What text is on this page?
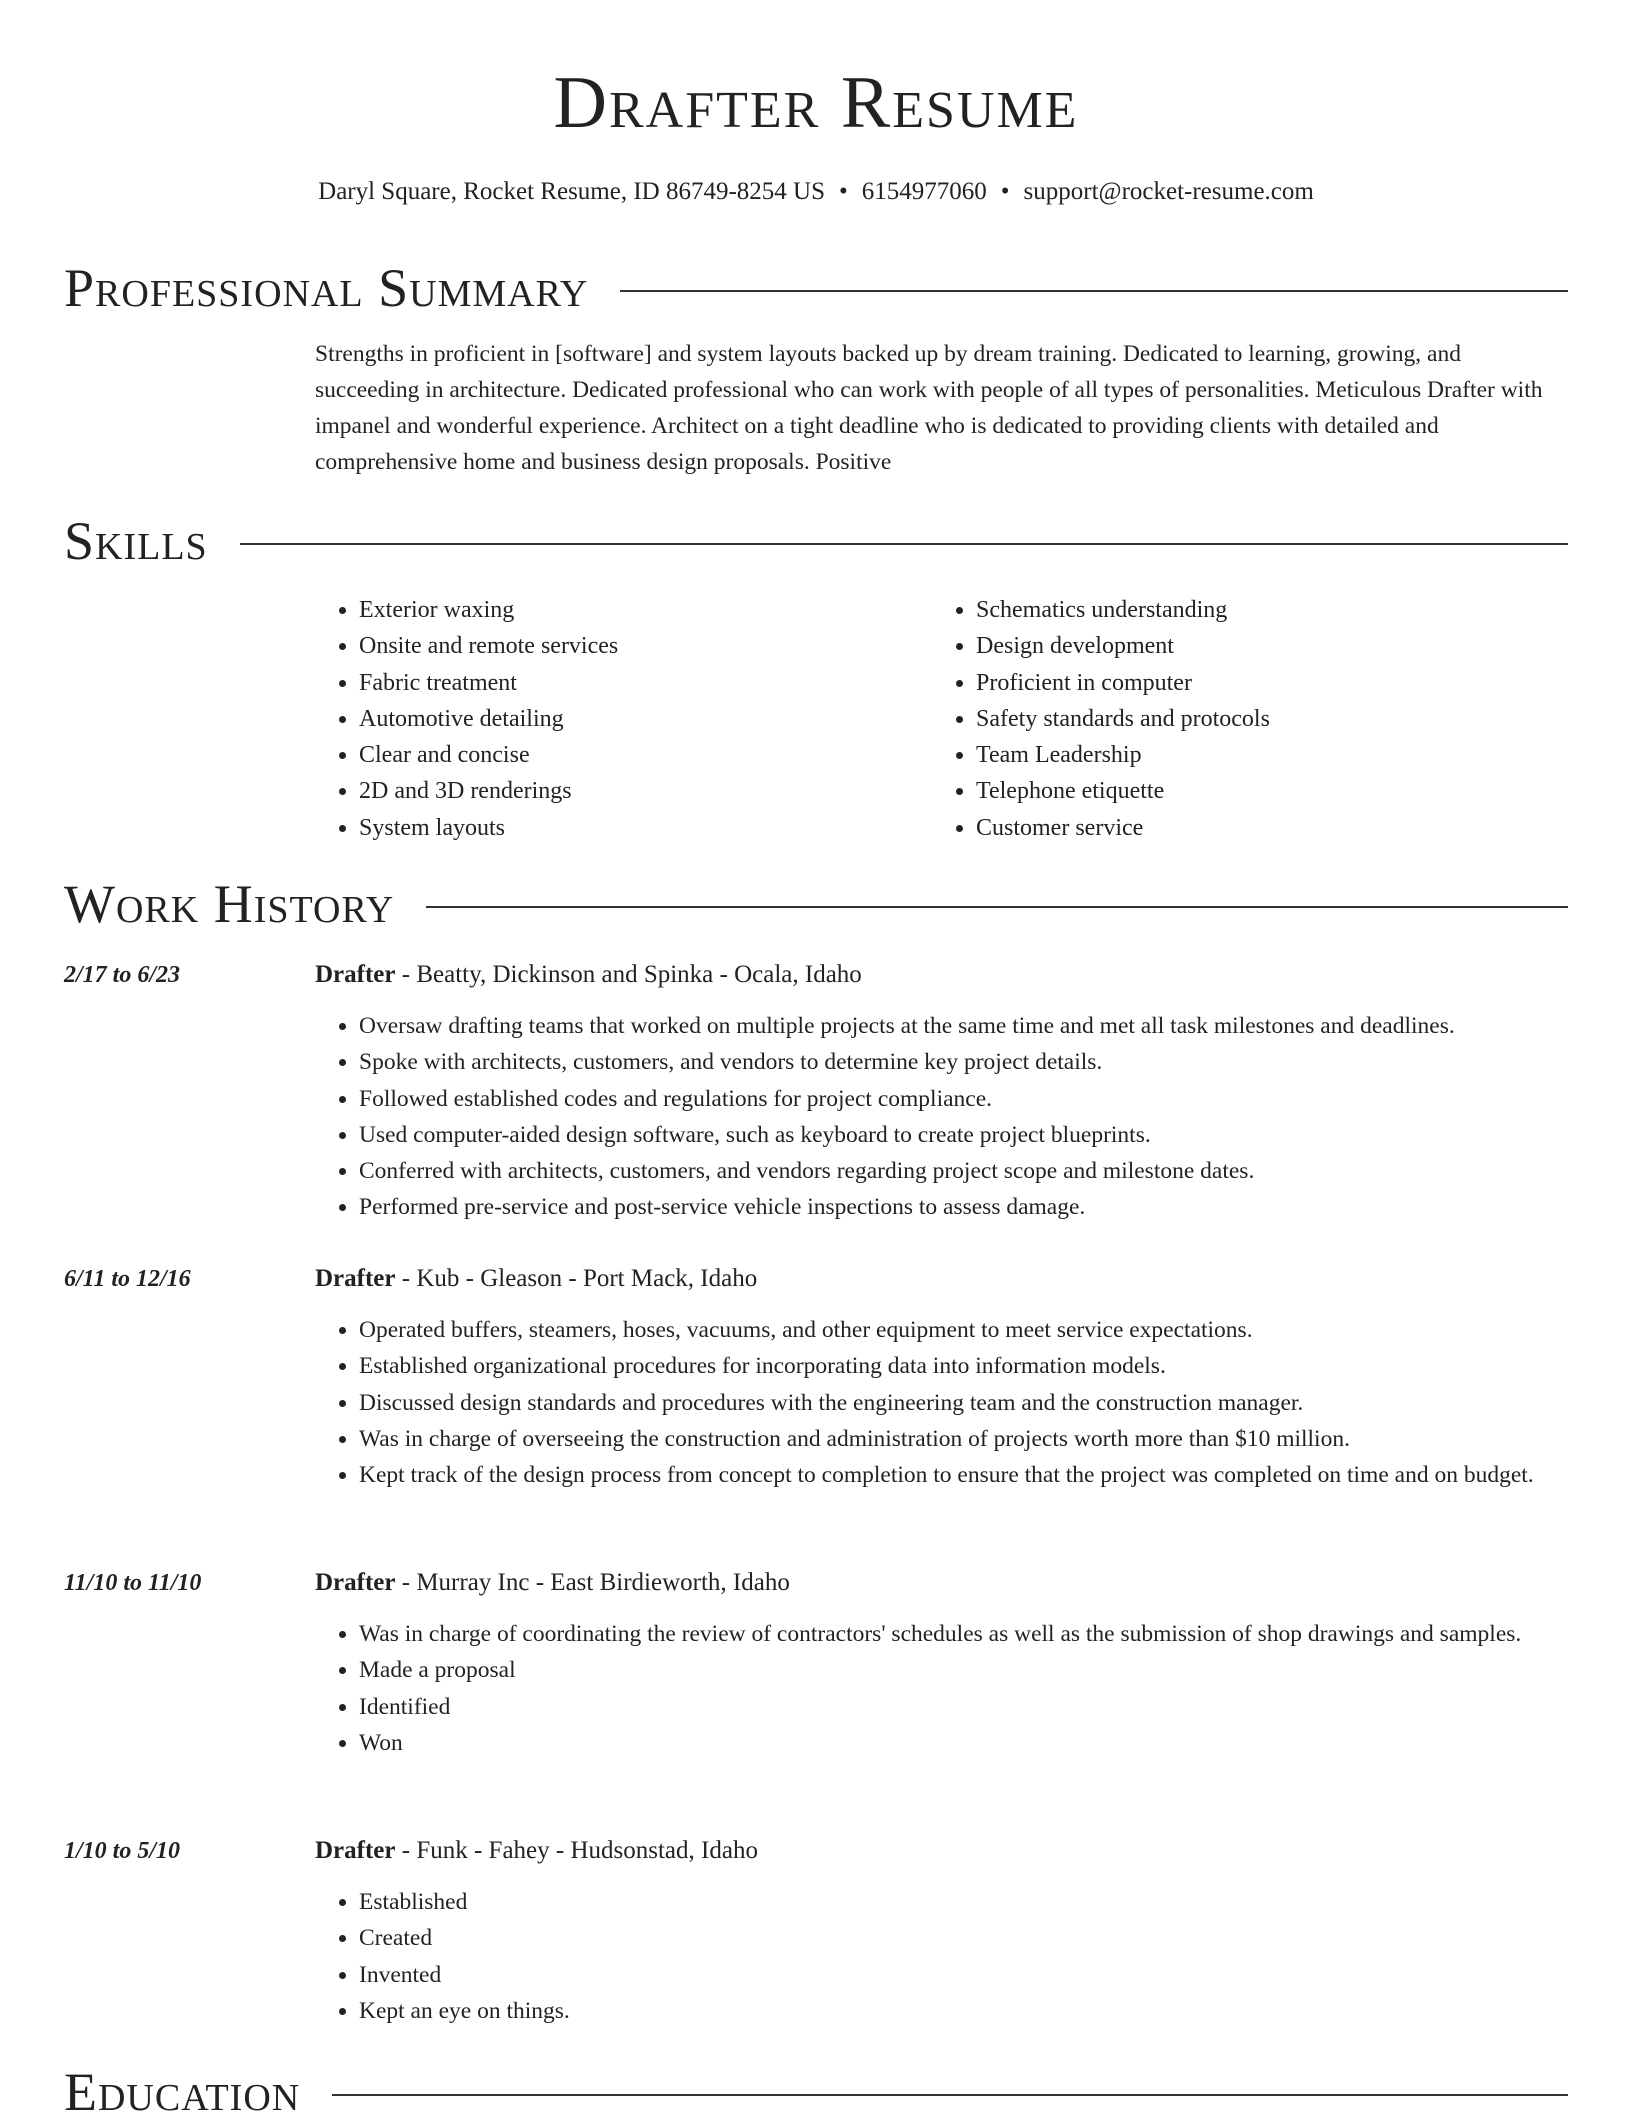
Drafter Resume
Daryl Square, Rocket Resume, ID 86749-8254 US • 6154977060 • support@rocket-resume.com
Professional Summary

Strengths in proficient in [software] and system layouts backed up by dream training. Dedicated to learning, growing, and succeeding in architecture. Dedicated professional who can work with people of all types of personalities. Meticulous Drafter with impanel and wonderful experience. Architect on a tight deadline who is dedicated to providing clients with detailed and comprehensive home and business design proposals. Positive

Skills
• Exterior waxing
• Onsite and remote services
• Fabric treatment
• Automotive detailing
• Clear and concise
• 2D and 3D renderings
• System layouts
• Schematics understanding
• Design development
• Proficient in computer
• Safety standards and protocols
• Team Leadership
• Telephone etiquette
• Customer service
Work History
2/17 to 6/23	Drafter - Beatty, Dickinson and Spinka - Ocala, Idaho
• Oversaw drafting teams that worked on multiple projects at the same time and met all task milestones and deadlines.
• Spoke with architects, customers, and vendors to determine key project details.
• Followed established codes and regulations for project compliance.
• Used computer-aided design software, such as keyboard to create project blueprints.
• Conferred with architects, customers, and vendors regarding project scope and milestone dates.
• Performed pre-service and post-service vehicle inspections to assess damage.
6/11 to 12/16	Drafter - Kub - Gleason - Port Mack, Idaho
• Operated buffers, steamers, hoses, vacuums, and other equipment to meet service expectations.
• Established organizational procedures for incorporating data into information models.
• Discussed design standards and procedures with the engineering team and the construction manager.
• Was in charge of overseeing the construction and administration of projects worth more than $10 million.
• Kept track of the design process from concept to completion to ensure that the project was completed on time and on budget.
11/10 to 11/10	Drafter - Murray Inc - East Birdieworth, Idaho
• Was in charge of coordinating the review of contractors' schedules as well as the submission of shop drawings and samples.
• Made a proposal
• Identified
• Won
1/10 to 5/10	Drafter - Funk - Fahey - Hudsonstad, Idaho
• Established
• Created
• Invented
• Kept an eye on things.
Education
